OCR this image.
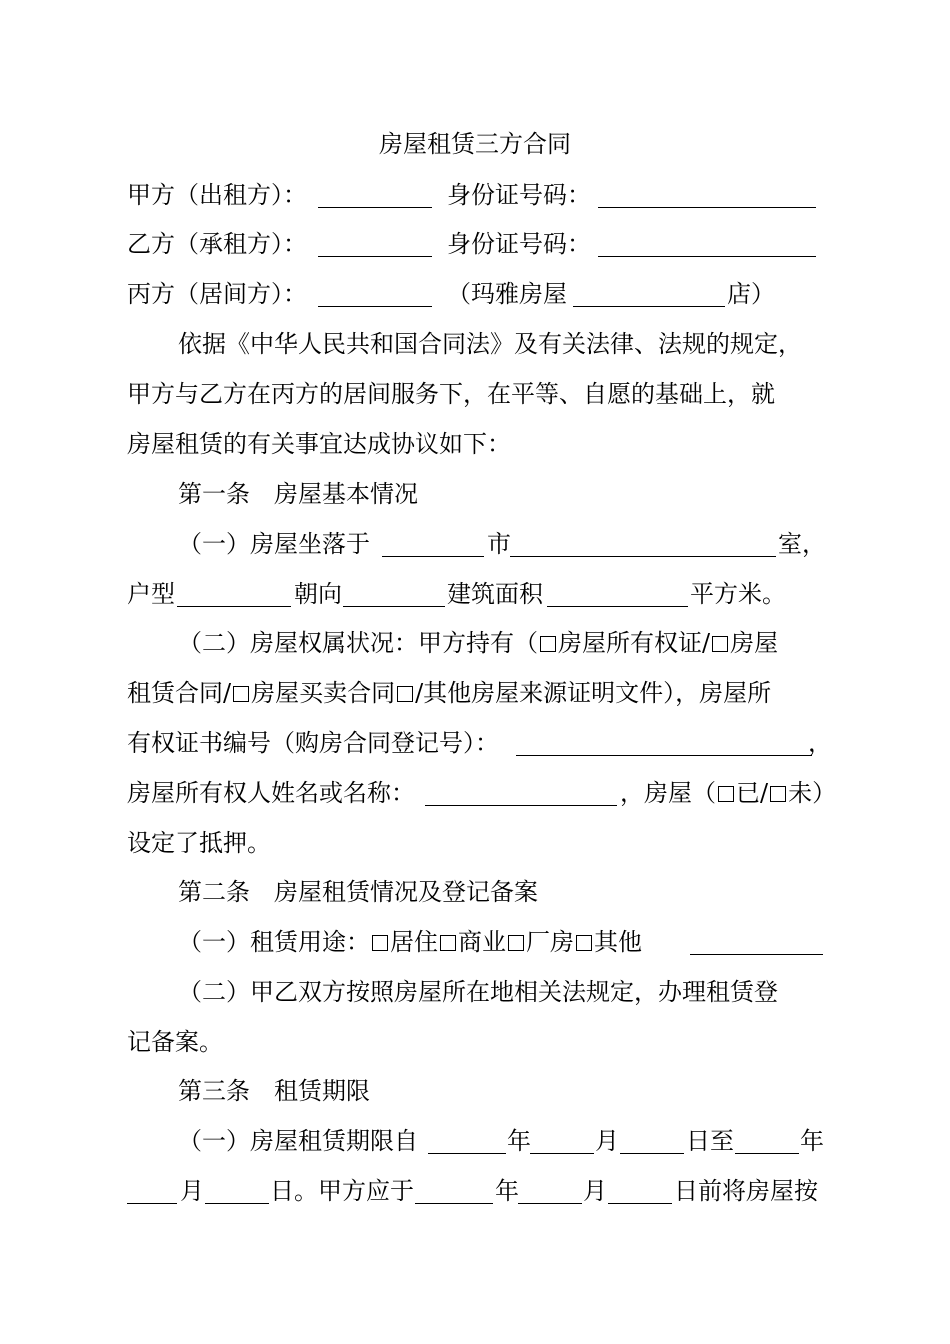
房屋租赁三方合同
甲方（出租方）：	身份证号码：
乙方（承租方）：	身份证号码：
丙方（居间方）：	（玛雅房屋	店）
依据《中华人民共和国合同法》及有关法律、法规的规定，
甲方与乙方在丙方的居间服务下，在平等、自愿的基础上，就
房屋租赁的有关事宜达成协议如下：
第一条　房屋基本情况
（一）房屋坐落于	市	室，
户型	朝向	建筑面积	平方米。
（二）房屋权属状况：甲方持有（ 房屋所有权证/ 房屋
租赁合同/ 房屋买卖合同 /其他房屋来源证明文件），房屋所
有权证书编号（购房合同登记号）：	，
房屋所有权人姓名或名称：	，房屋（ 已/ 未）
设定了抵押。
第二条　房屋租赁情况及登记备案
（一）租赁用途： 居住 商业 厂房 其他
（二）甲乙双方按照房屋所在地相关法规定，办理租赁登
记备案。
第三条　租赁期限
（一）房屋租赁期限自	年	月	日至	年
月	日。甲方应于	年	月	日前将房屋按
